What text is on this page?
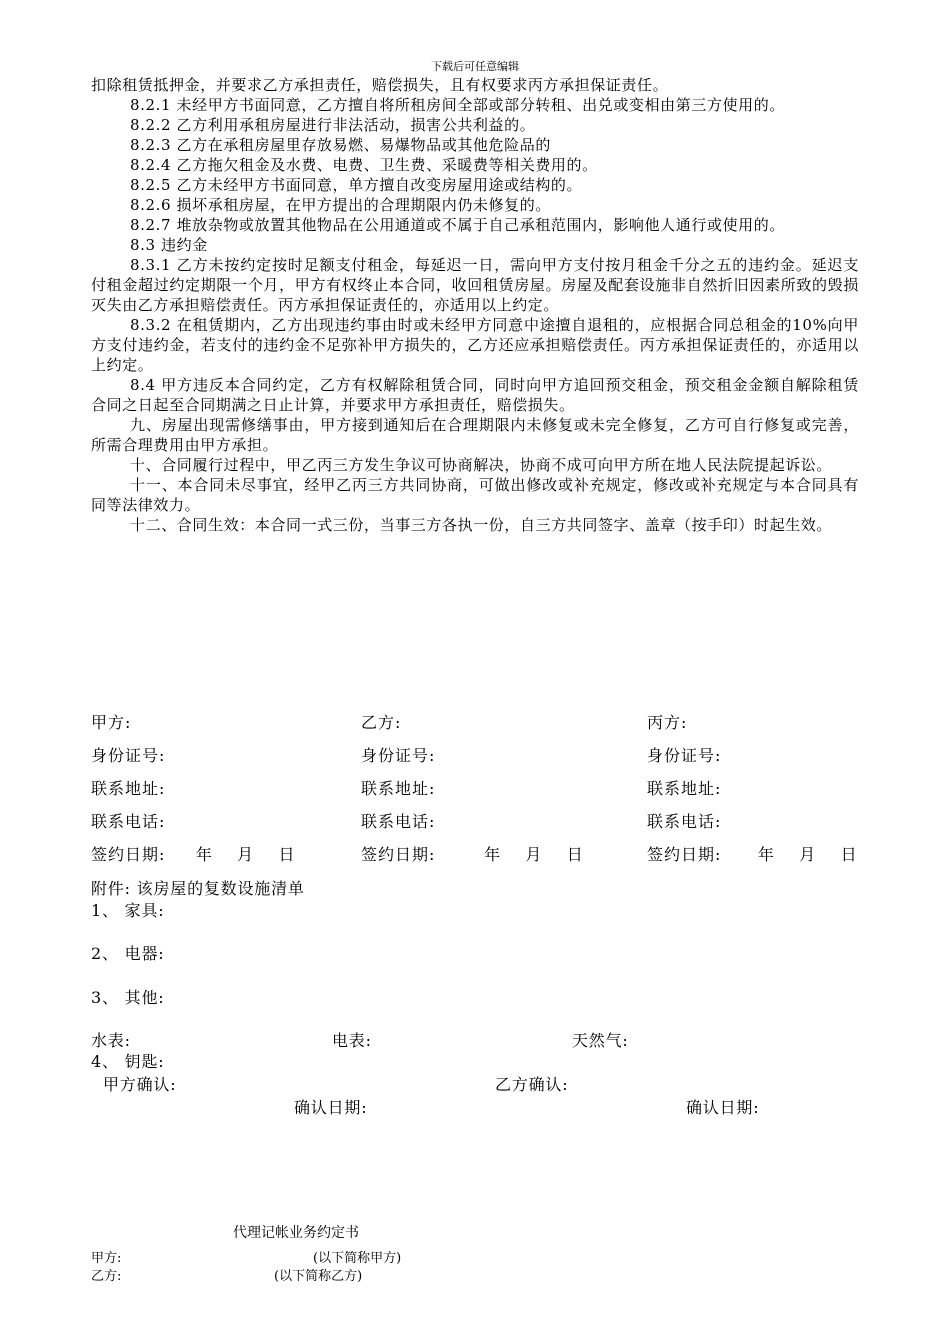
下载后可任意编辑

扣除租赁抵押金，并要求乙方承担责任，赔偿损失，且有权要求丙方承担保证责任。

8.2.1 未经甲方书面同意，乙方擅自将所租房间全部或部分转租、出兑或变相由第三方使用的。

8.2.2 乙方利用承租房屋进行非法活动，损害公共利益的。

8.2.3 乙方在承租房屋里存放易燃、易爆物品或其他危险品的

8.2.4 乙方拖欠租金及水费、电费、卫生费、采暖费等相关费用的。

8.2.5 乙方未经甲方书面同意，单方擅自改变房屋用途或结构的。

8.2.6 损坏承租房屋，在甲方提出的合理期限内仍未修复的。

8.2.7 堆放杂物或放置其他物品在公用通道或不属于自己承租范围内，影响他人通行或使用的。

8.3 违约金

8.3.1 乙方未按约定按时足额支付租金，每延迟一日，需向甲方支付按月租金千分之五的违约金。延迟支付租金超过约定期限一个月，甲方有权终止本合同，收回租赁房屋。房屋及配套设施非自然折旧因素所致的毁损灭失由乙方承担赔偿责任。丙方承担保证责任的，亦适用以上约定。

8.3.2 在租赁期内，乙方出现违约事由时或未经甲方同意中途擅自退租的，应根据合同总租金的10%向甲方支付违约金，若支付的违约金不足弥补甲方损失的，乙方还应承担赔偿责任。丙方承担保证责任的，亦适用以上约定。

8.4 甲方违反本合同约定，乙方有权解除租赁合同，同时向甲方追回预交租金，预交租金金额自解除租赁合同之日起至合同期满之日止计算，并要求甲方承担责任，赔偿损失。

九、房屋出现需修缮事由，甲方接到通知后在合理期限内未修复或未完全修复，乙方可自行修复或完善，所需合理费用由甲方承担。

十、合同履行过程中，甲乙丙三方发生争议可协商解决，协商不成可向甲方所在地人民法院提起诉讼。

十一、本合同未尽事宜，经甲乙丙三方共同协商，可做出修改或补充规定，修改或补充规定与本合同具有同等法律效力。

十二、合同生效：本合同一式三份，当事三方各执一份，自三方共同签字、盖章（按手印）时起生效。

甲方:	乙方:	丙方:
身份证号:	身份证号:	身份证号:
联系地址:	联系地址:	联系地址:
联系电话:	联系电话:	联系电话:
签约日期:     年    月    日	签约日期:        年    月    日	签约日期:      年    月    日
附件: 该房屋的复数设施清单
1、 家具:
2、 电器:
3、 其他:
水表:	电表:	天然气:
4、 钥匙:
甲方确认:	乙方确认:
确认日期:	确认日期:
代理记帐业务约定书
甲方:	(以下简称甲方)
乙方:	(以下简称乙方)
